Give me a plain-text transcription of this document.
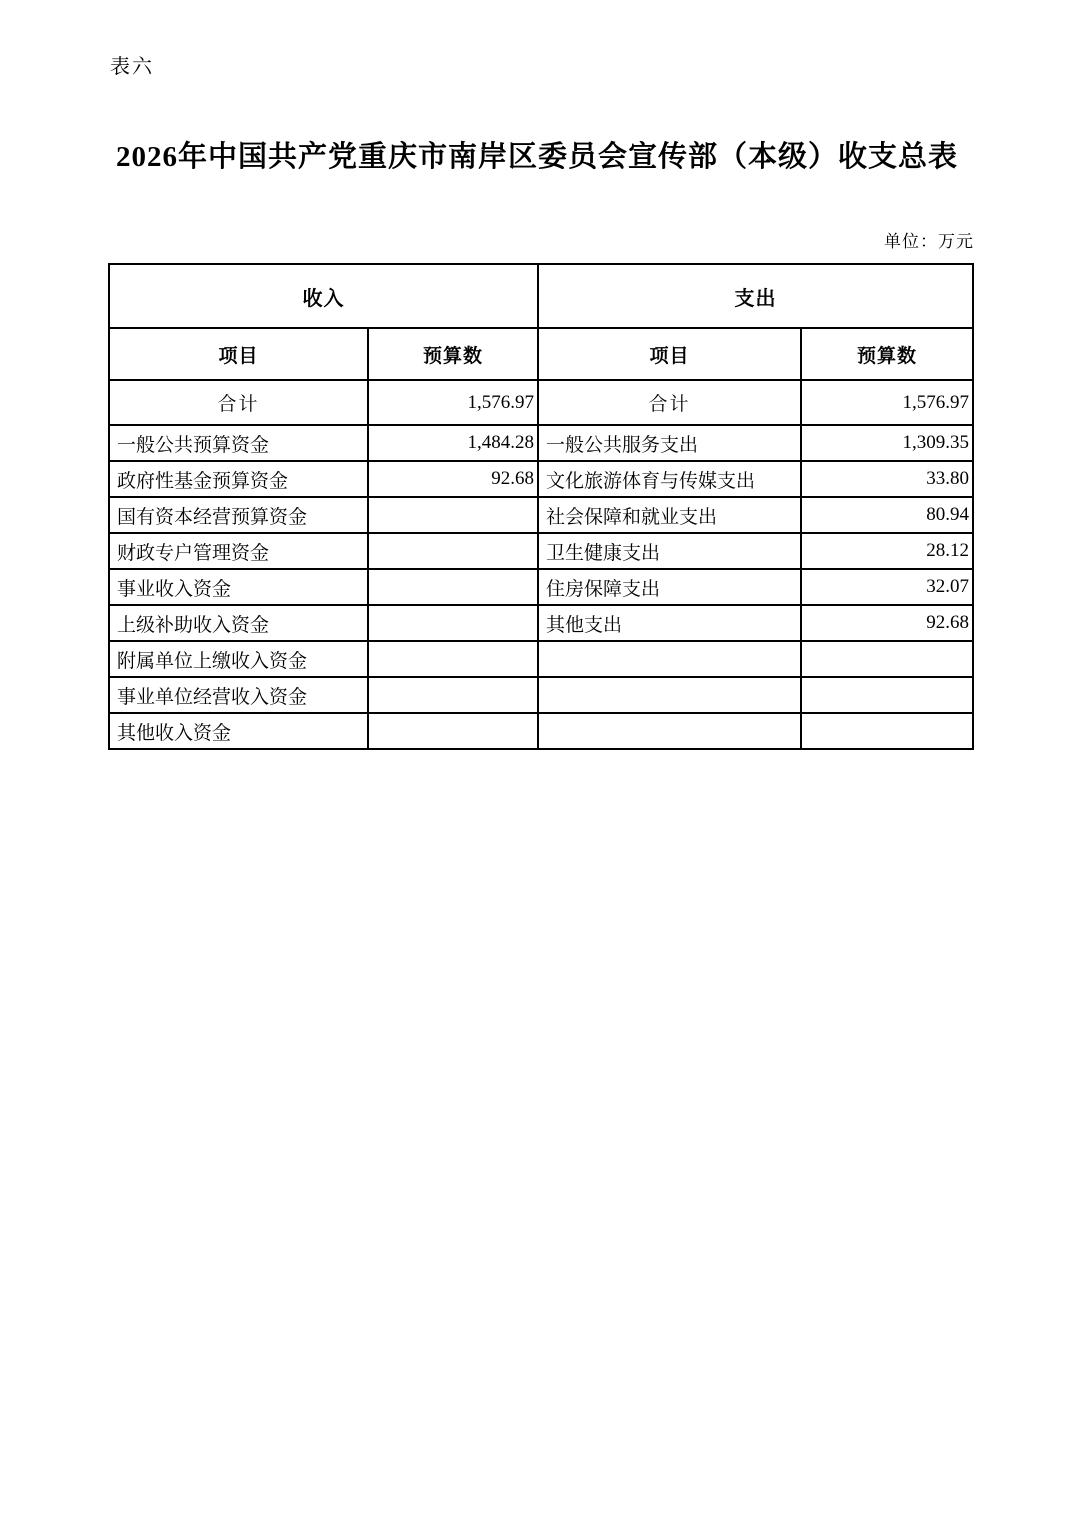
表六
2026年中国共产党重庆市南岸区委员会宣传部（本级）收支总表
单位：万元
收入		支出	
项目	预算数	项目	预算数
合计	1,576.97	合计	1,576.97
一般公共预算资金	1,484.28	一般公共服务支出	1,309.35
政府性基金预算资金	92.68	文化旅游体育与传媒支出	33.80
国有资本经营预算资金		社会保障和就业支出	80.94
财政专户管理资金		卫生健康支出	28.12
事业收入资金		住房保障支出	32.07
上级补助收入资金		其他支出	92.68
附属单位上缴收入资金			
事业单位经营收入资金			
其他收入资金			
